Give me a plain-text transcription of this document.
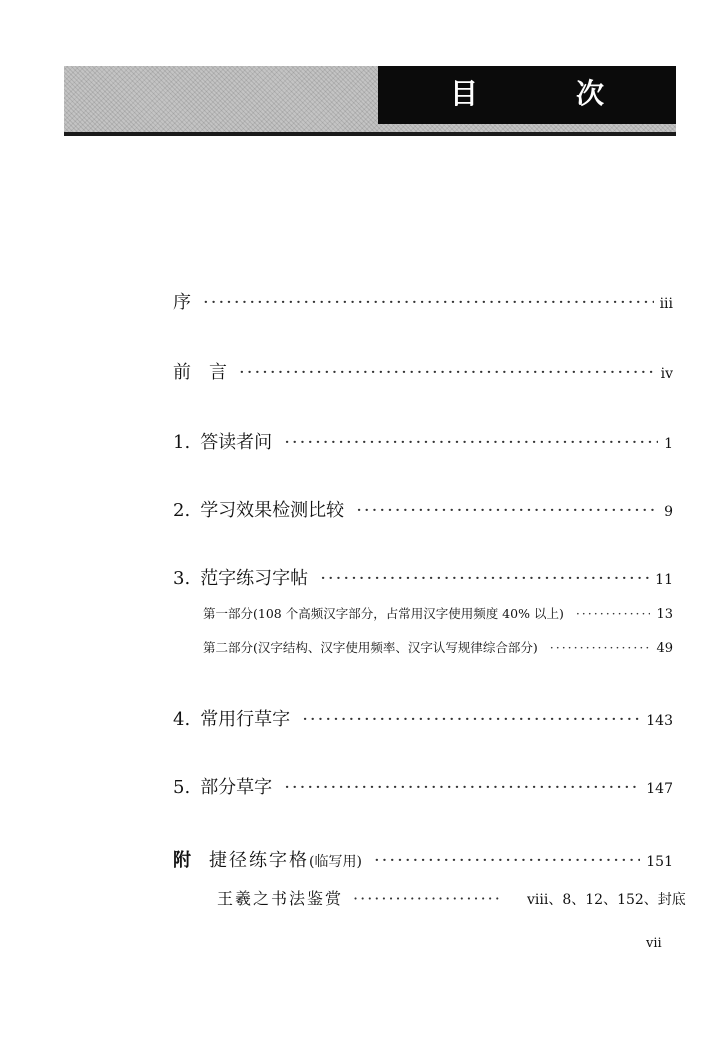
目	次
序 ·····	iii
前　言 ·····	iv
1. 答读者问 ·····	1
2. 学习效果检测比较 ·····	9
3. 范字练习字帖 ·····	11
第一部分(108 个高频汉字部分，占常用汉字使用频度 40% 以上) ·····	13
第二部分(汉字结构、汉字使用频率、汉字认写规律综合部分) ·····	49
4. 常用行草字 ·····	143
5. 部分草字 ·····	147
附 捷径练字格 (临写用) ·····	151
王羲之书法鉴赏 ·····	viii、8、12、152、封底
vii
